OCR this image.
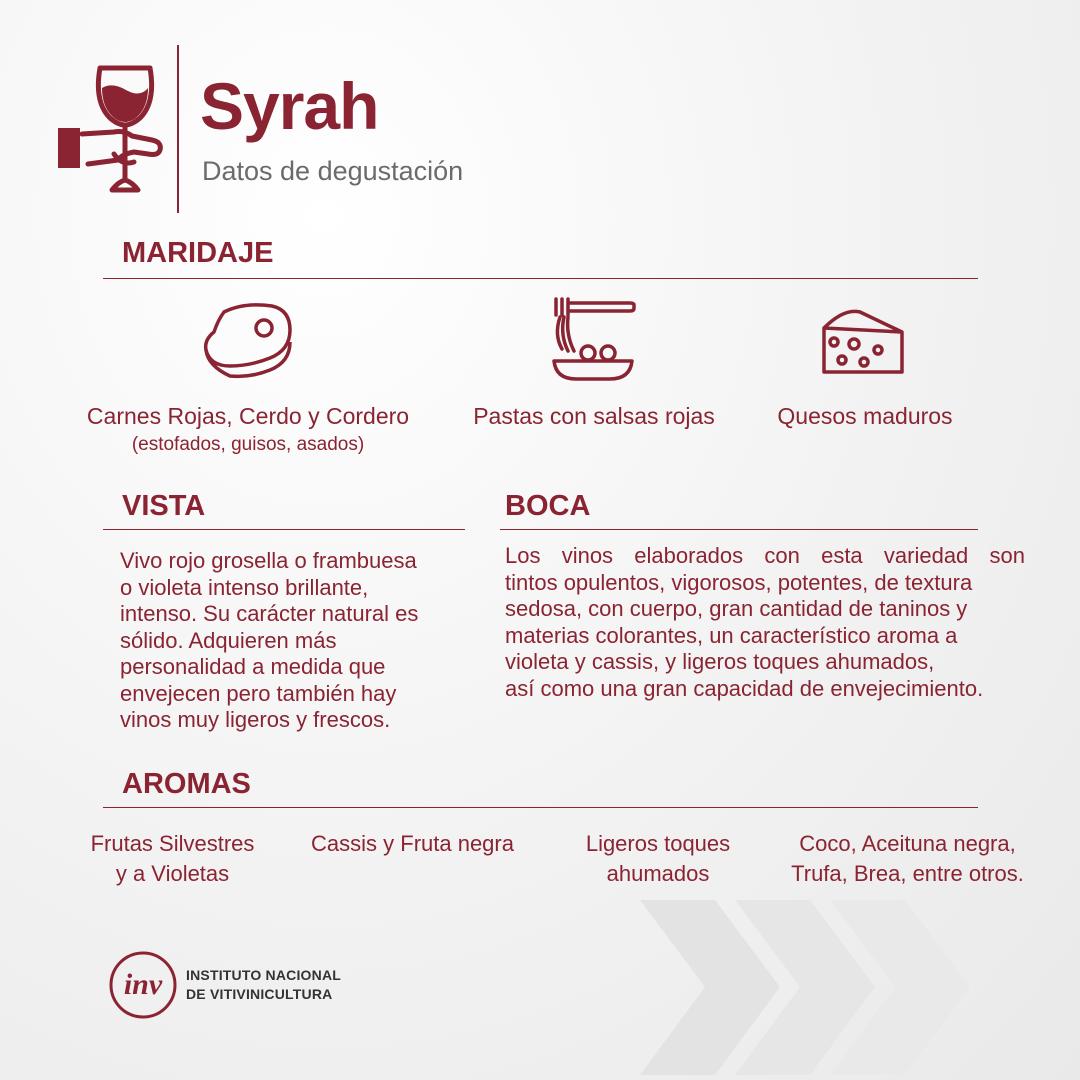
Syrah
Datos de degustación
MARIDAJE
Carnes Rojas, Cerdo y Cordero
(estofados, guisos, asados)
Pastas con salsas rojas	Quesos maduros
VISTA
Vivo rojo grosella o frambuesa
o violeta intenso brillante,
intenso. Su carácter natural es
sólido. Adquieren más
personalidad a medida que
envejecen pero también hay
vinos muy ligeros y frescos.
BOCA
Los vinos elaborados con esta variedad son
tintos opulentos, vigorosos, potentes, de textura
sedosa, con cuerpo, gran cantidad de taninos y
materias colorantes, un característico aroma a
violeta y cassis, y ligeros toques ahumados,
así como una gran capacidad de envejecimiento.
AROMAS
Frutas Silvestres
y a Violetas
Cassis y Fruta negra	Ligeros toques
ahumados
Coco, Aceituna negra,
Trufa, Brea, entre otros.
inv INSTITUTO NACIONAL
DE VITIVINICULTURA
